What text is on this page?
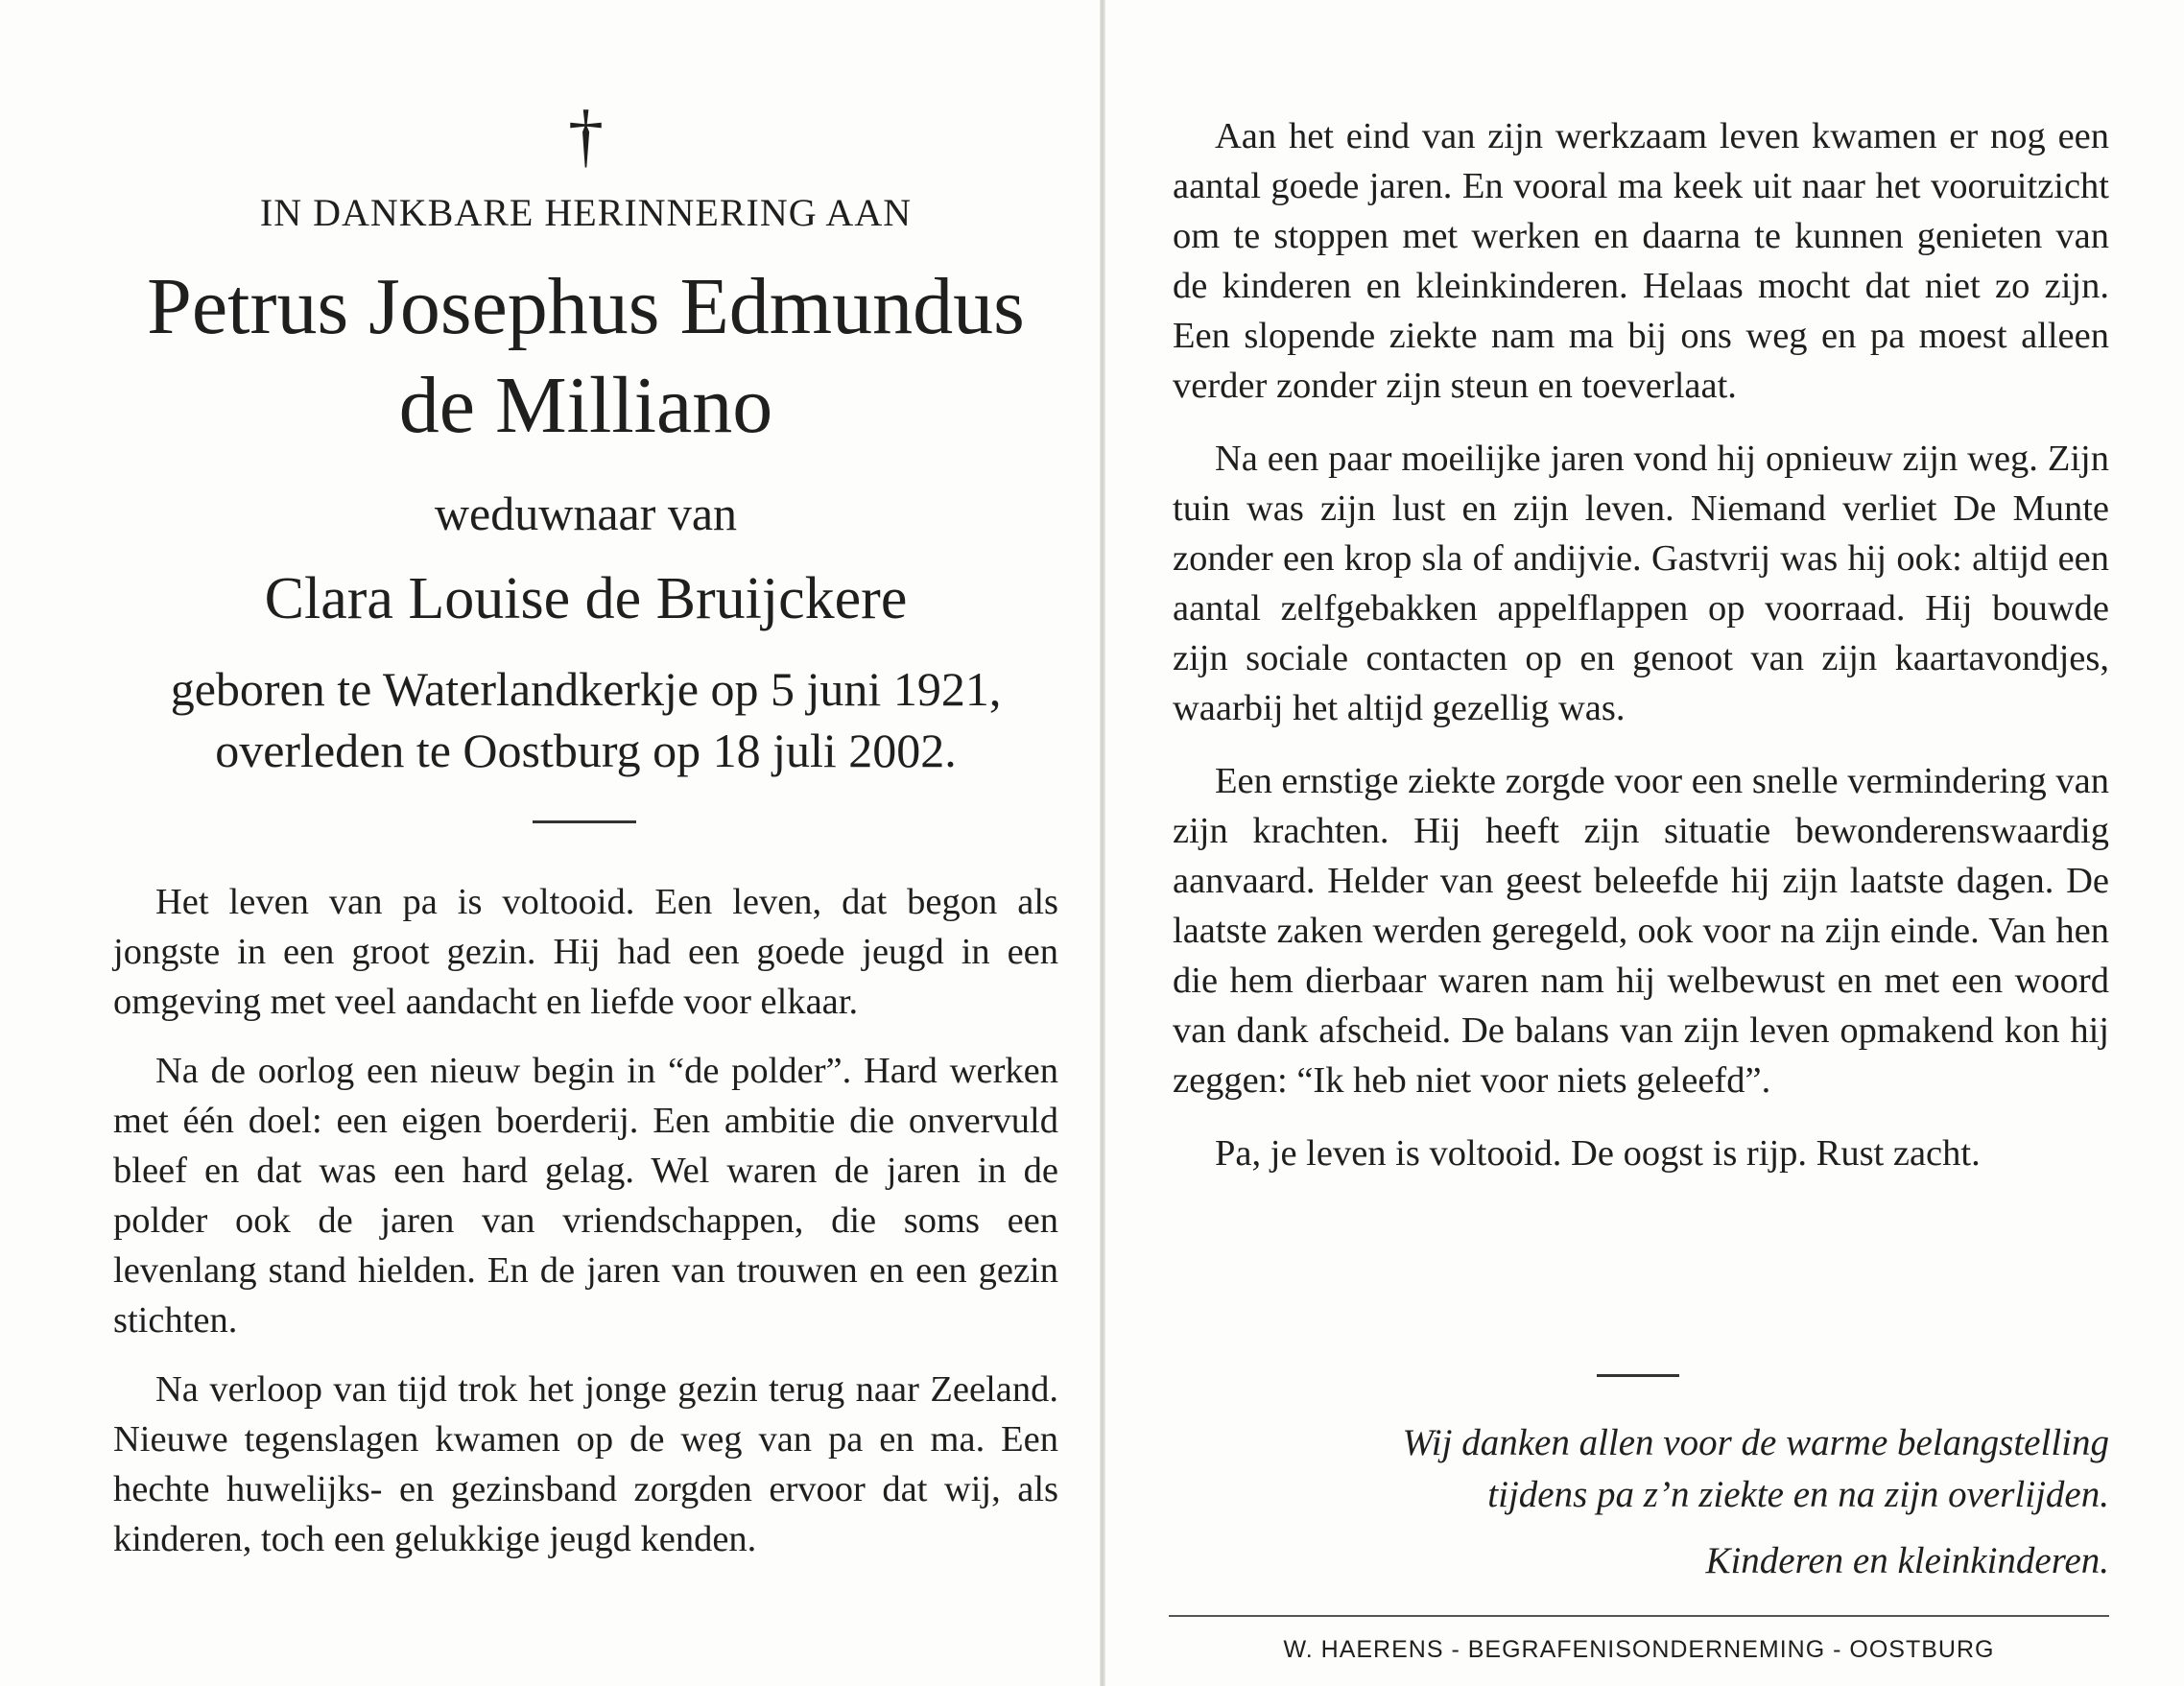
†
IN DANKBARE HERINNERING AAN
Petrus Josephus Edmundus
de Milliano
weduwnaar van
Clara Louise de Bruijckere
geboren te Waterlandkerkje op 5 juni 1921,
overleden te Oostburg op 18 juli 2002.

Het leven van pa is voltooid. Een leven, dat begon als jongste in een groot gezin. Hij had een goede jeugd in een omgeving met veel aandacht en liefde voor elkaar.

Na de oorlog een nieuw begin in “de polder”. Hard werken met één doel: een eigen boerderij. Een ambitie die onvervuld bleef en dat was een hard gelag. Wel waren de jaren in de polder ook de jaren van vriendschappen, die soms een levenlang stand hielden. En de jaren van trouwen en een gezin stichten.

Na verloop van tijd trok het jonge gezin terug naar Zeeland. Nieuwe tegenslagen kwamen op de weg van pa en ma. Een hechte huwelijks- en gezinsband zorgden ervoor dat wij, als kinderen, toch een gelukkige jeugd kenden.

Aan het eind van zijn werkzaam leven kwamen er nog een aantal goede jaren. En vooral ma keek uit naar het vooruitzicht om te stoppen met werken en daarna te kunnen genieten van de kinderen en kleinkinderen. Helaas mocht dat niet zo zijn. Een slopende ziekte nam ma bij ons weg en pa moest alleen verder zonder zijn steun en toeverlaat.

Na een paar moeilijke jaren vond hij opnieuw zijn weg. Zijn tuin was zijn lust en zijn leven. Niemand verliet De Munte zonder een krop sla of andijvie. Gastvrij was hij ook: altijd een aantal zelfgebakken appelflappen op voorraad. Hij bouwde zijn sociale contacten op en genoot van zijn kaartavondjes, waarbij het altijd gezellig was.

Een ernstige ziekte zorgde voor een snelle vermindering van zijn krachten. Hij heeft zijn situatie bewonderenswaardig aanvaard. Helder van geest beleefde hij zijn laatste dagen. De laatste zaken werden geregeld, ook voor na zijn einde. Van hen die hem dierbaar waren nam hij welbewust en met een woord van dank afscheid. De balans van zijn leven opmakend kon hij zeggen: “Ik heb niet voor niets geleefd”.

Pa, je leven is voltooid. De oogst is rijp. Rust zacht.

Wij danken allen voor de warme belangstelling
tijdens pa z’n ziekte en na zijn overlijden.
Kinderen en kleinkinderen.
W. HAERENS - BEGRAFENISONDERNEMING - OOSTBURG
